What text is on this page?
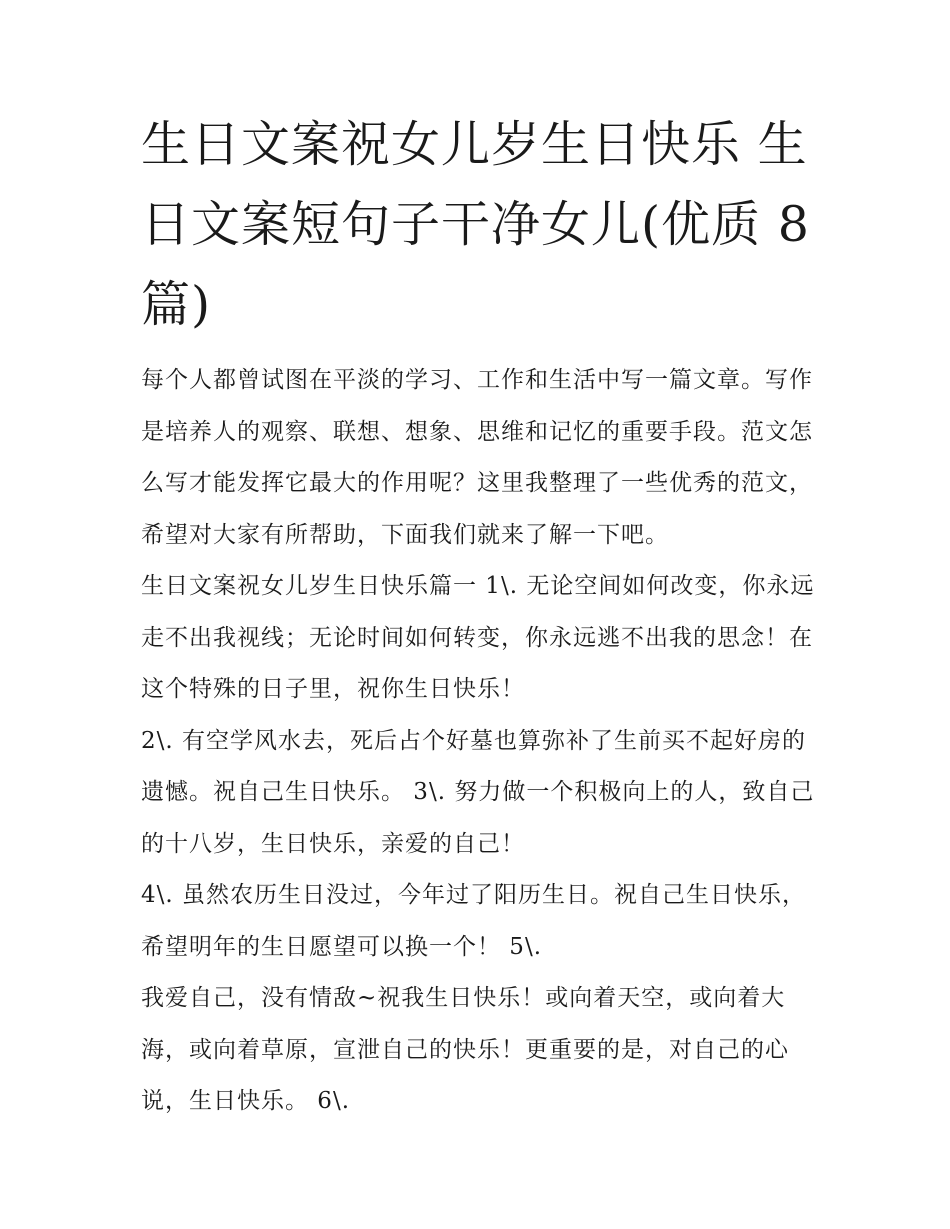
生日文案祝女儿岁生日快乐 生日文案短句子干净女儿(优质 8 篇)

每个人都曾试图在平淡的学习、工作和生活中写一篇文章。写作是培养人的观察、联想、想象、思维和记忆的重要手段。范文怎么写才能发挥它最大的作用呢？这里我整理了一些优秀的范文，希望对大家有所帮助，下面我们就来了解一下吧。

生日文案祝女儿岁生日快乐篇一 1\. 无论空间如何改变，你永远走不出我视线；无论时间如何转变，你永远逃不出我的思念！在这个特殊的日子里，祝你生日快乐！

2\. 有空学风水去，死后占个好墓也算弥补了生前买不起好房的遗憾。祝自己生日快乐。 3\. 努力做一个积极向上的人，致自己的十八岁，生日快乐，亲爱的自己！

4\. 虽然农历生日没过，今年过了阳历生日。祝自己生日快乐，希望明年的生日愿望可以换一个！ 5\.

我爱自己，没有情敌~祝我生日快乐！或向着天空，或向着大海，或向着草原，宣泄自己的快乐！更重要的是，对自己的心说，生日快乐。 6\.
